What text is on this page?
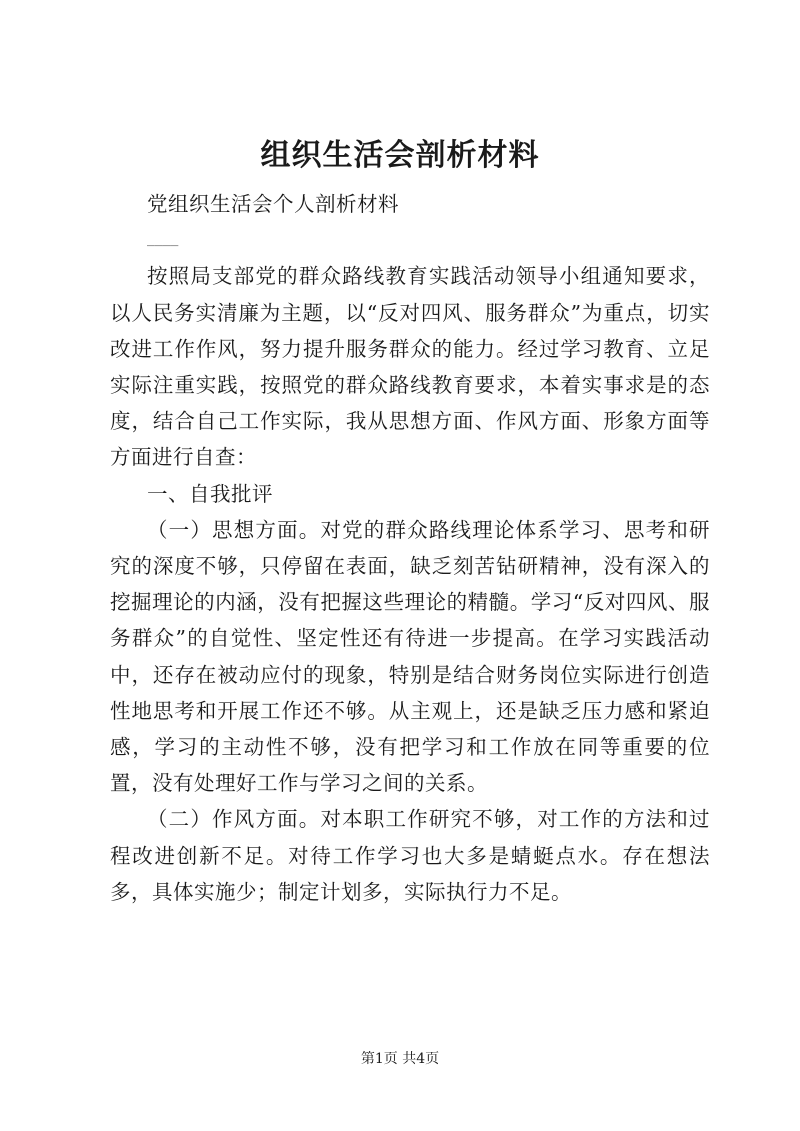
组织生活会剖析材料

党组织生活会个人剖析材料

____

按照局支部党的群众路线教育实践活动领导小组通知要求，以人民务实清廉为主题，以“反对四风、服务群众”为重点，切实改进工作作风，努力提升服务群众的能力。经过学习教育、立足实际注重实践，按照党的群众路线教育要求，本着实事求是的态度，结合自己工作实际，我从思想方面、作风方面、形象方面等方面进行自查：

一、自我批评

（一）思想方面。对党的群众路线理论体系学习、思考和研究的深度不够，只停留在表面，缺乏刻苦钻研精神，没有深入的挖掘理论的内涵，没有把握这些理论的精髓。学习“反对四风、服务群众”的自觉性、坚定性还有待进一步提高。在学习实践活动中，还存在被动应付的现象，特别是结合财务岗位实际进行创造性地思考和开展工作还不够。从主观上，还是缺乏压力感和紧迫感，学习的主动性不够，没有把学习和工作放在同等重要的位置，没有处理好工作与学习之间的关系。

（二）作风方面。对本职工作研究不够，对工作的方法和过程改进创新不足。对待工作学习也大多是蜻蜓点水。存在想法多，具体实施少；制定计划多，实际执行力不足。

第1页 共4页
